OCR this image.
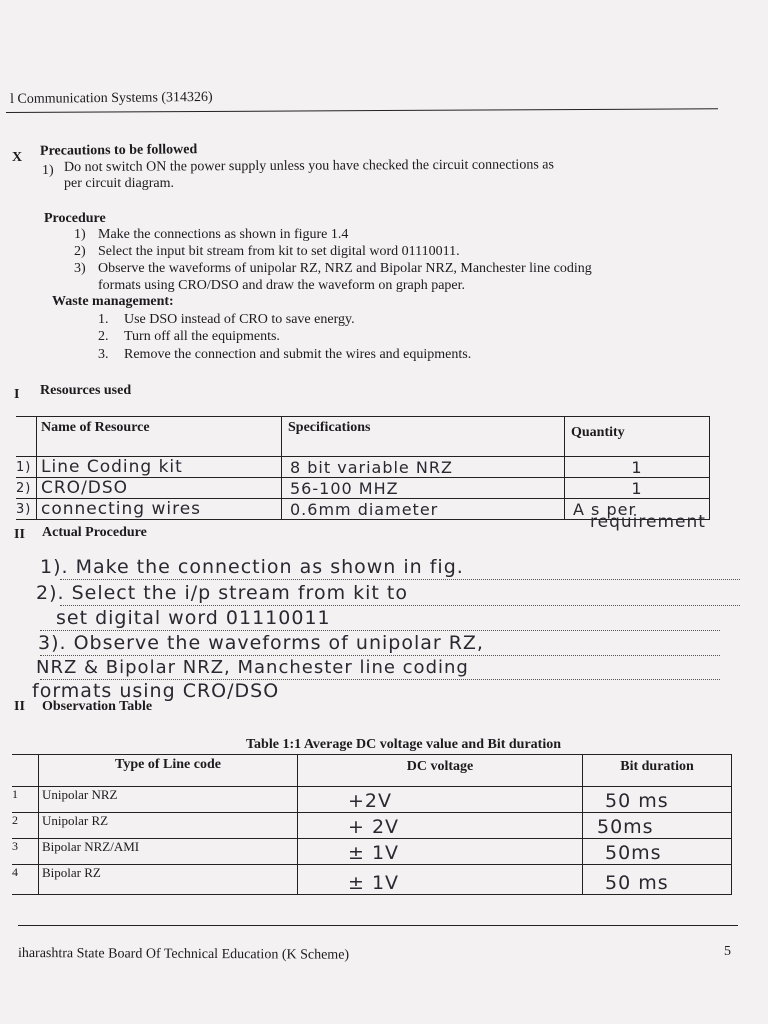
l Communication Systems (314326)
X Precautions to be followed
1) Do not switch ON the power supply unless you have checked the circuit connections as
per circuit diagram.
Procedure
1) Make the connections as shown in figure 1.4
2) Select the input bit stream from kit to set digital word 01110011.
3) Observe the waveforms of unipolar RZ, NRZ and Bipolar NRZ, Manchester line coding
formats using CRO/DSO and draw the waveform on graph paper.
Waste management:
1. Use DSO instead of CRO to save energy.
2. Turn off all the equipments.
3. Remove the connection and submit the wires and equipments.
I Resources used
	Name of Resource	Specifications	Quantity
1)	Line Coding kit	8 bit variable NRZ	1
2)	CRO/DSO	56-100 MHZ	1
3)	connecting wires	0.6mm diameter	A s per
requirement
II Actual Procedure
1). Make the connection as shown in fig.
2). Select the i/p stream from kit to
set digital word 01110011
3). Observe the waveforms of unipolar RZ,
NRZ & Bipolar NRZ, Manchester line coding
formats using CRO/DSO
II Observation Table
Table 1:1 Average DC voltage value and Bit duration
	Type of Line code	DC voltage	Bit duration
1	Unipolar NRZ	+2V	50 ms
2	Unipolar RZ	+ 2V	50ms
3	Bipolar NRZ/AMI	± 1V	50ms
4	Bipolar RZ	± 1V	50 ms
iharashtra State Board Of Technical Education (K Scheme)	5
